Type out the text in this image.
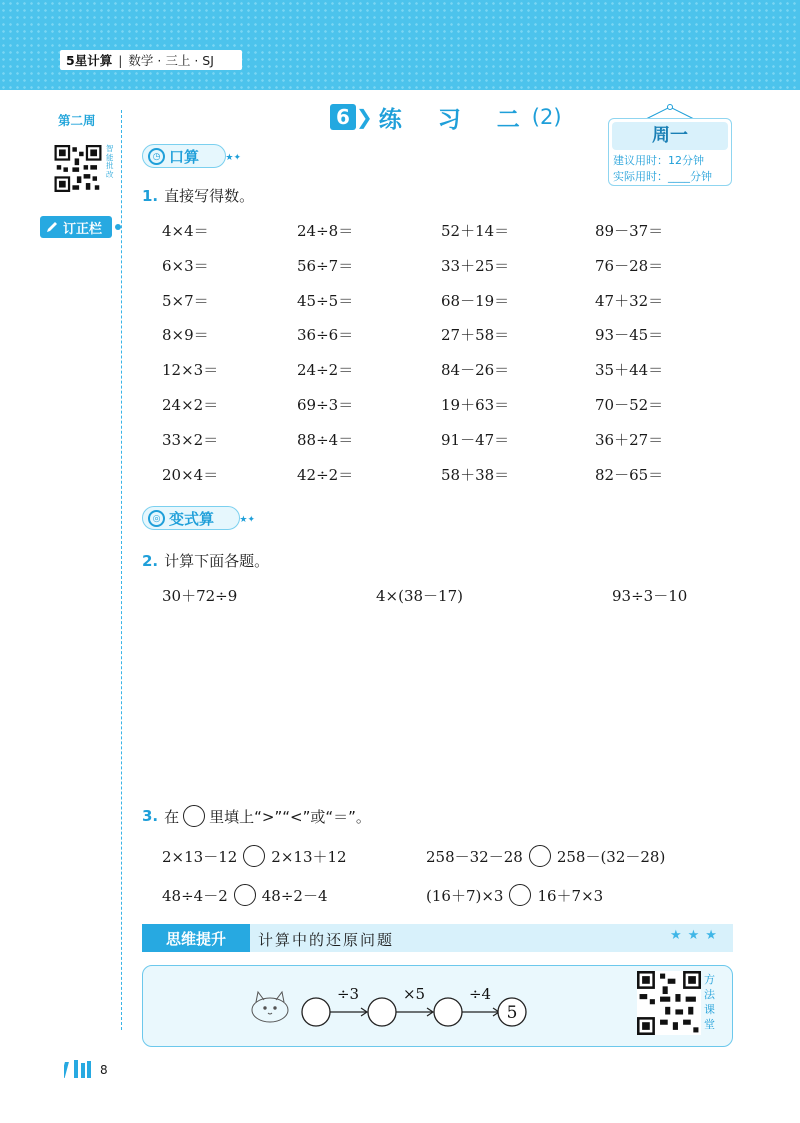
5星计算 | 数学 · 三上 · SJ
第二周
智能批改
订正栏
6 ❯ 练 习 二
(2)
周一
建议用时：12分钟
实际用时：____分钟
◷ 口算	★✦
1. 直接写得数。
4×4＝	24÷8＝	52＋14＝	89－37＝
6×3＝	56÷7＝	33＋25＝	76－28＝
5×7＝	45÷5＝	68－19＝	47＋32＝
8×9＝	36÷6＝	27＋58＝	93－45＝
12×3＝	24÷2＝	84－26＝	35＋44＝
24×2＝	69÷3＝	19＋63＝	70－52＝
33×2＝	88÷4＝	91－47＝	36＋27＝
20×4＝	42÷2＝	58＋38＝	82－65＝
◎ 变式算	★✦
2. 计算下面各题。
30＋72÷9	4×(38－17)	93÷3－10
3. 在 里填上“>”“<”或“＝”。
2×13－12 2×13＋12	258－32－28 258－(32－28)
48÷4－2 48÷2－4	(16＋7)×3 16＋7×3
思维提升	计算中的还原问题	★★★
÷3	×5	÷4
5
方法课堂
8
